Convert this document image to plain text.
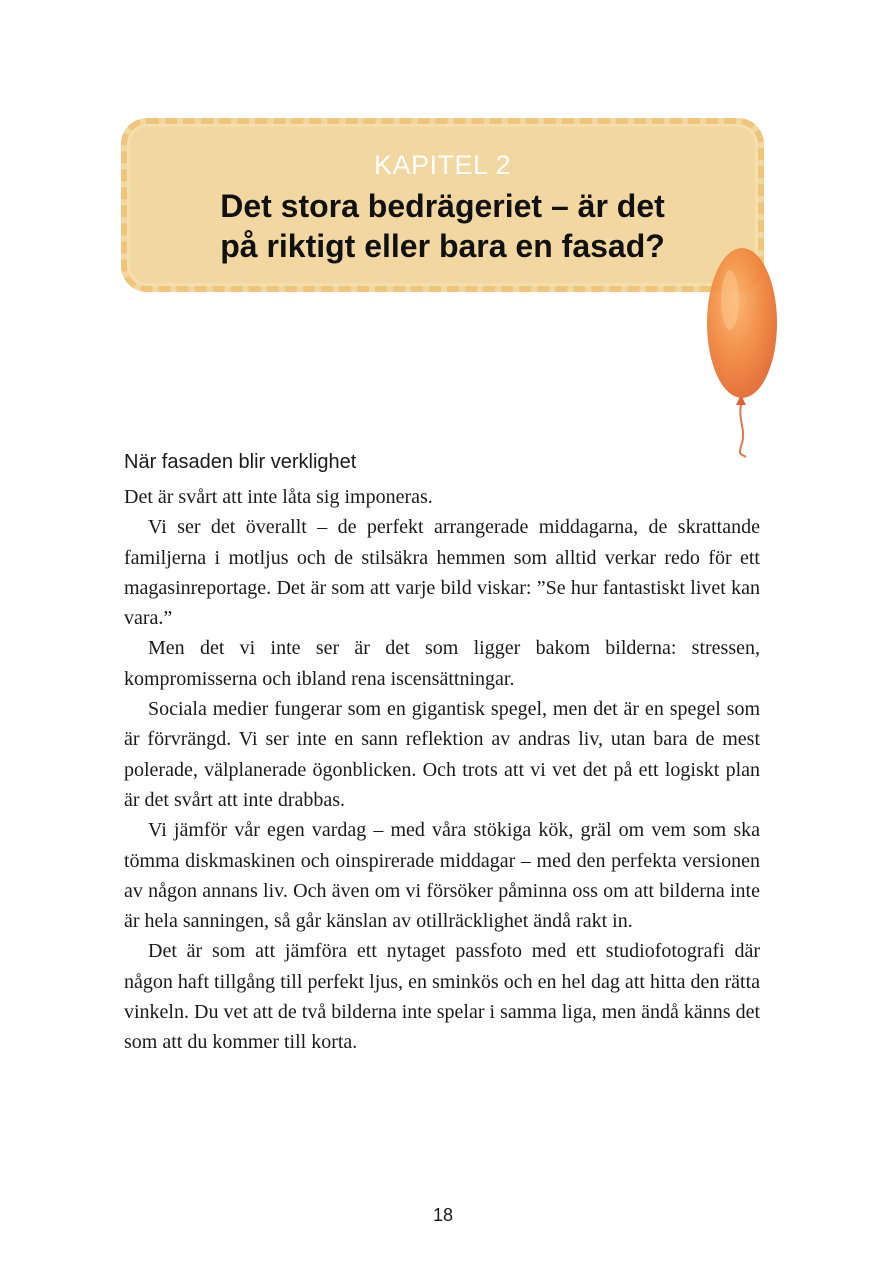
KAPITEL 2
Det stora bedrägeriet – är det
på riktigt eller bara en fasad?
När fasaden blir verklighet

Det är svårt att inte låta sig imponeras.

Vi ser det överallt – de perfekt arrangerade middagarna, de skrattande familjerna i motljus och de stilsäkra hemmen som alltid verkar redo för ett magasinreportage. Det är som att varje bild viskar: ”Se hur fantastiskt livet kan vara.”

Men det vi inte ser är det som ligger bakom bilderna: stressen, kompromisserna och ibland rena iscensättningar.

Sociala medier fungerar som en gigantisk spegel, men det är en spegel som är förvrängd. Vi ser inte en sann reflektion av andras liv, utan bara de mest polerade, välplanerade ögonblicken. Och trots att vi vet det på ett logiskt plan är det svårt att inte drabbas.

Vi jämför vår egen vardag – med våra stökiga kök, gräl om vem som ska tömma diskmaskinen och oinspirerade middagar – med den perfekta versionen av någon annans liv. Och även om vi försöker påminna oss om att bilderna inte är hela sanningen, så går känslan av otillräcklighet ändå rakt in.

Det är som att jämföra ett nytaget passfoto med ett studiofotografi där någon haft tillgång till perfekt ljus, en sminkös och en hel dag att hitta den rätta vinkeln. Du vet att de två bilderna inte spelar i samma liga, men ändå känns det som att du kommer till korta.

18
